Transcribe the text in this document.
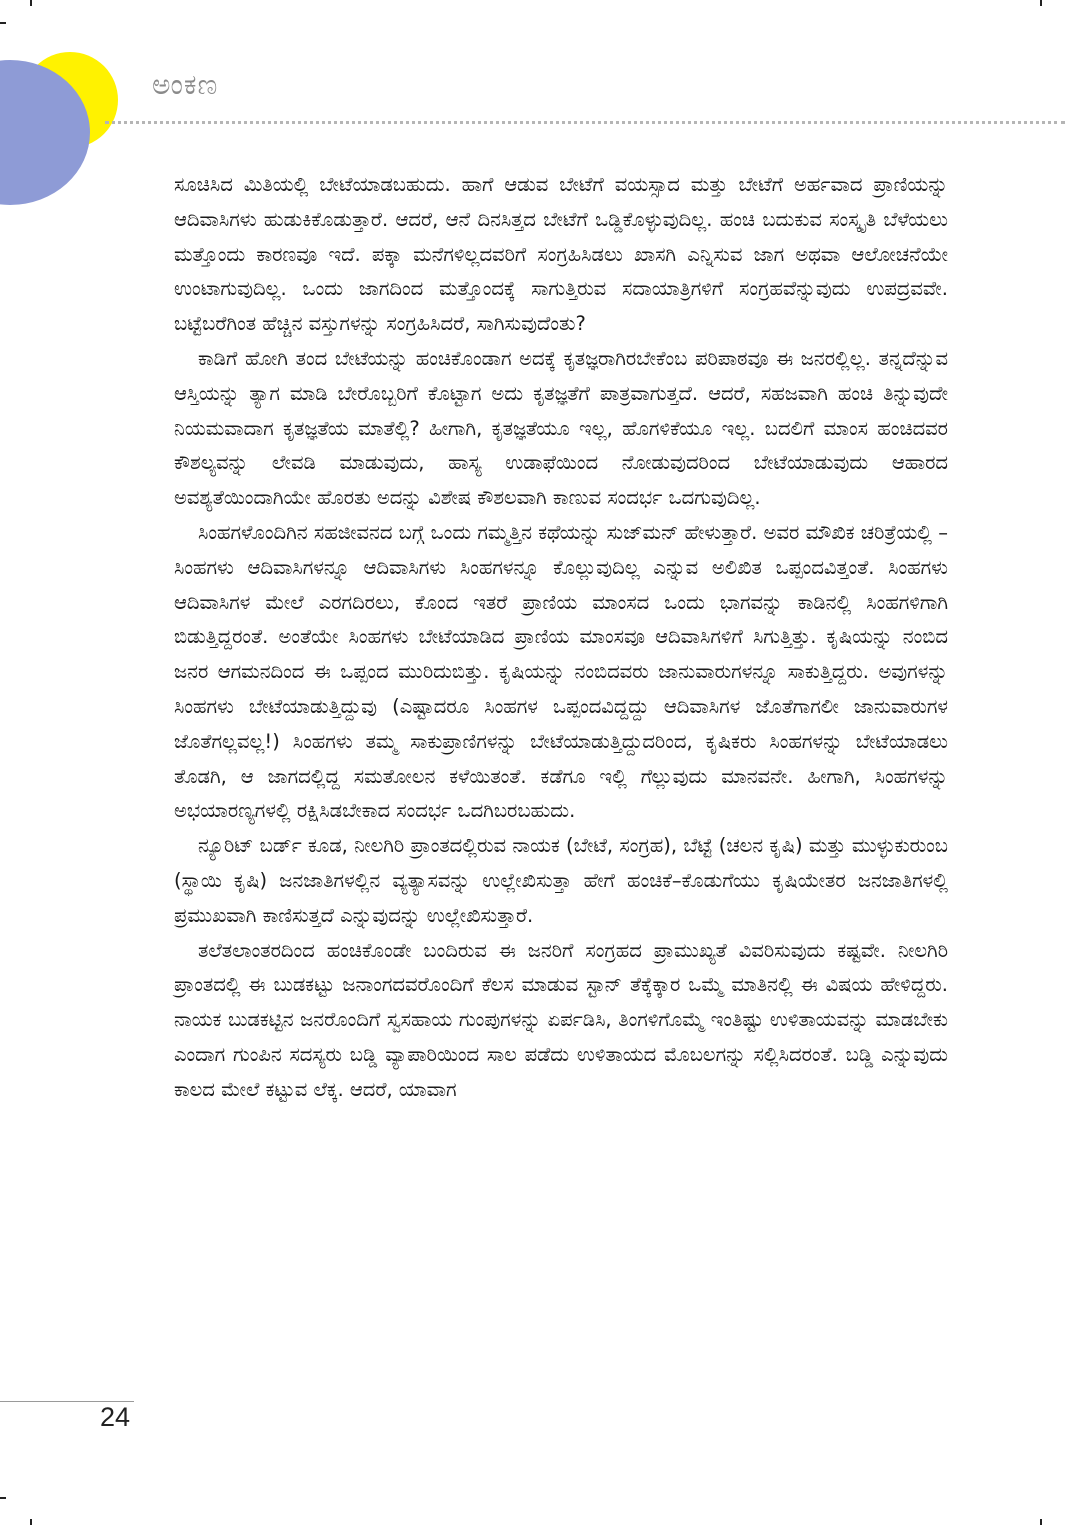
ಅಂಕಣ

ಸೂಚಿಸಿದ ಮಿತಿಯಲ್ಲಿ ಬೇಟೆಯಾಡಬಹುದು. ಹಾಗೆ ಆಡುವ ಬೇಟೆಗೆ ವಯಸ್ಸಾದ ಮತ್ತು ಬೇಟೆಗೆ ಅರ್ಹವಾದ ಪ್ರಾಣಿಯನ್ನು ಆದಿವಾಸಿಗಳು ಹುಡುಕಿಕೊಡುತ್ತಾರೆ. ಆದರೆ, ಆನೆ ದಿನಸಿತ್ತದ ಬೇಟೆಗೆ ಒಡ್ಡಿಕೊಳ್ಳುವುದಿಲ್ಲ. ಹಂಚಿ ಬದುಕುವ ಸಂಸ್ಕೃತಿ ಬೆಳೆಯಲು ಮತ್ತೊಂದು ಕಾರಣವೂ ಇದೆ. ಪಕ್ಕಾ ಮನೆಗಳಿಲ್ಲದವರಿಗೆ ಸಂಗ್ರಹಿಸಿಡಲು ಖಾಸಗಿ ಎನ್ನಿಸುವ ಜಾಗ ಅಥವಾ ಆಲೋಚನೆಯೇ ಉಂಟಾಗುವುದಿಲ್ಲ. ಒಂದು ಜಾಗದಿಂದ ಮತ್ತೊಂದಕ್ಕೆ ಸಾಗುತ್ತಿರುವ ಸದಾಯಾತ್ರಿಗಳಿಗೆ ಸಂಗ್ರಹವೆನ್ನುವುದು ಉಪದ್ರವವೇ. ಬಟ್ಟೆಬರೆಗಿಂತ ಹೆಚ್ಚಿನ ವಸ್ತುಗಳನ್ನು ಸಂಗ್ರಹಿಸಿದರೆ, ಸಾಗಿಸುವುದೆಂತು?

ಕಾಡಿಗೆ ಹೋಗಿ ತಂದ ಬೇಟೆಯನ್ನು ಹಂಚಿಕೊಂಡಾಗ ಅದಕ್ಕೆ ಕೃತಜ್ಞರಾಗಿರಬೇಕೆಂಬ ಪರಿಪಾಠವೂ ಈ ಜನರಲ್ಲಿಲ್ಲ. ತನ್ನದೆನ್ನುವ ಆಸ್ತಿಯನ್ನು ತ್ಯಾಗ ಮಾಡಿ ಬೇರೊಬ್ಬರಿಗೆ ಕೊಟ್ಟಾಗ ಅದು ಕೃತಜ್ಞತೆಗೆ ಪಾತ್ರವಾಗುತ್ತದೆ. ಆದರೆ, ಸಹಜವಾಗಿ ಹಂಚಿ ತಿನ್ನುವುದೇ ನಿಯಮವಾದಾಗ ಕೃತಜ್ಞತೆಯ ಮಾತೆಲ್ಲಿ? ಹೀಗಾಗಿ, ಕೃತಜ್ಞತೆಯೂ ಇಲ್ಲ, ಹೊಗಳಿಕೆಯೂ ಇಲ್ಲ. ಬದಲಿಗೆ ಮಾಂಸ ಹಂಚಿದವರ ಕೌಶಲ್ಯವನ್ನು ಲೇವಡಿ ಮಾಡುವುದು, ಹಾಸ್ಯ ಉಡಾಫೆಯಿಂದ ನೋಡುವುದರಿಂದ ಬೇಟೆಯಾಡುವುದು ಆಹಾರದ ಅವಶ್ಯತೆಯಿಂದಾಗಿಯೇ ಹೊರತು ಅದನ್ನು ವಿಶೇಷ ಕೌಶಲವಾಗಿ ಕಾಣುವ ಸಂದರ್ಭ ಒದಗುವುದಿಲ್ಲ.

ಸಿಂಹಗಳೊಂದಿಗಿನ ಸಹಜೀವನದ ಬಗ್ಗೆ ಒಂದು ಗಮ್ಮತ್ತಿನ ಕಥೆಯನ್ನು ಸುಜ್‌ಮನ್ ಹೇಳುತ್ತಾರೆ. ಅವರ ಮೌಖಿಕ ಚರಿತ್ರೆಯಲ್ಲಿ – ಸಿಂಹಗಳು ಆದಿವಾಸಿಗಳನ್ನೂ ಆದಿವಾಸಿಗಳು ಸಿಂಹಗಳನ್ನೂ ಕೊಲ್ಲುವುದಿಲ್ಲ ಎನ್ನುವ ಅಲಿಖಿತ ಒಪ್ಪಂದವಿತ್ತಂತೆ. ಸಿಂಹಗಳು ಆದಿವಾಸಿಗಳ ಮೇಲೆ ಎರಗದಿರಲು, ಕೊಂದ ಇತರೆ ಪ್ರಾಣಿಯ ಮಾಂಸದ ಒಂದು ಭಾಗವನ್ನು ಕಾಡಿನಲ್ಲಿ ಸಿಂಹಗಳಿಗಾಗಿ ಬಿಡುತ್ತಿದ್ದರಂತೆ. ಅಂತೆಯೇ ಸಿಂಹಗಳು ಬೇಟೆಯಾಡಿದ ಪ್ರಾಣಿಯ ಮಾಂಸವೂ ಆದಿವಾಸಿಗಳಿಗೆ ಸಿಗುತ್ತಿತ್ತು. ಕೃಷಿಯನ್ನು ನಂಬಿದ ಜನರ ಆಗಮನದಿಂದ ಈ ಒಪ್ಪಂದ ಮುರಿದುಬಿತ್ತು. ಕೃಷಿಯನ್ನು ನಂಬಿದವರು ಜಾನುವಾರುಗಳನ್ನೂ ಸಾಕುತ್ತಿದ್ದರು. ಅವುಗಳನ್ನು ಸಿಂಹಗಳು ಬೇಟೆಯಾಡುತ್ತಿದ್ದುವು (ಎಷ್ಟಾದರೂ ಸಿಂಹಗಳ ಒಪ್ಪಂದವಿದ್ದದ್ದು ಆದಿವಾಸಿಗಳ ಜೊತೆಗಾಗಲೀ ಜಾನುವಾರುಗಳ ಜೊತೆಗಲ್ಲವಲ್ಲ!) ಸಿಂಹಗಳು ತಮ್ಮ ಸಾಕುಪ್ರಾಣಿಗಳನ್ನು ಬೇಟೆಯಾಡುತ್ತಿದ್ದುದರಿಂದ, ಕೃಷಿಕರು ಸಿಂಹಗಳನ್ನು ಬೇಟೆಯಾಡಲು ತೊಡಗಿ, ಆ ಜಾಗದಲ್ಲಿದ್ದ ಸಮತೋಲನ ಕಳೆಯಿತಂತೆ. ಕಡೆಗೂ ಇಲ್ಲಿ ಗೆಲ್ಲುವುದು ಮಾನವನೇ. ಹೀಗಾಗಿ, ಸಿಂಹಗಳನ್ನು ಅಭಯಾರಣ್ಯಗಳಲ್ಲಿ ರಕ್ಷಿಸಿಡಬೇಕಾದ ಸಂದರ್ಭ ಒದಗಿಬರಬಹುದು.

ನ್ಯೂರಿಟ್ ಬರ್ಡ್ ಕೂಡ, ನೀಲಗಿರಿ ಪ್ರಾಂತದಲ್ಲಿರುವ ನಾಯಕ (ಬೇಟೆ, ಸಂಗ್ರಹ), ಬೆಟ್ಟೆ (ಚಲನ ಕೃಷಿ) ಮತ್ತು ಮುಳ್ಳುಕುರುಂಬ (ಸ್ಥಾಯಿ ಕೃಷಿ) ಜನಜಾತಿಗಳಲ್ಲಿನ ವ್ಯತ್ಯಾಸವನ್ನು ಉಲ್ಲೇಖಿಸುತ್ತಾ ಹೇಗೆ ಹಂಚಿಕೆ–ಕೊಡುಗೆಯು ಕೃಷಿಯೇತರ ಜನಜಾತಿಗಳಲ್ಲಿ ಪ್ರಮುಖವಾಗಿ ಕಾಣಿಸುತ್ತದೆ ಎನ್ನುವುದನ್ನು ಉಲ್ಲೇಖಿಸುತ್ತಾರೆ.

ತಲೆತಲಾಂತರದಿಂದ ಹಂಚಿಕೊಂಡೇ ಬಂದಿರುವ ಈ ಜನರಿಗೆ ಸಂಗ್ರಹದ ಪ್ರಾಮುಖ್ಯತೆ ವಿವರಿಸುವುದು ಕಷ್ಟವೇ. ನೀಲಗಿರಿ ಪ್ರಾಂತದಲ್ಲಿ ಈ ಬುಡಕಟ್ಟು ಜನಾಂಗದವರೊಂದಿಗೆ ಕೆಲಸ ಮಾಡುವ ಸ್ಟಾನ್ ತೆಕ್ಕೆಕ್ಕಾರ ಒಮ್ಮೆ ಮಾತಿನಲ್ಲಿ ಈ ವಿಷಯ ಹೇಳಿದ್ದರು. ನಾಯಕ ಬುಡಕಟ್ಟಿನ ಜನರೊಂದಿಗೆ ಸ್ವಸಹಾಯ ಗುಂಪುಗಳನ್ನು ಏರ್ಪಡಿಸಿ, ತಿಂಗಳಿಗೊಮ್ಮೆ ಇಂತಿಷ್ಟು ಉಳಿತಾಯವನ್ನು ಮಾಡಬೇಕು ಎಂದಾಗ ಗುಂಪಿನ ಸದಸ್ಯರು ಬಡ್ಡಿ ವ್ಯಾಪಾರಿಯಿಂದ ಸಾಲ ಪಡೆದು ಉಳಿತಾಯದ ಮೊಬಲಗನ್ನು ಸಲ್ಲಿಸಿದರಂತೆ. ಬಡ್ಡಿ ಎನ್ನುವುದು ಕಾಲದ ಮೇಲೆ ಕಟ್ಟುವ ಲೆಕ್ಕ. ಆದರೆ, ಯಾವಾಗ

24
